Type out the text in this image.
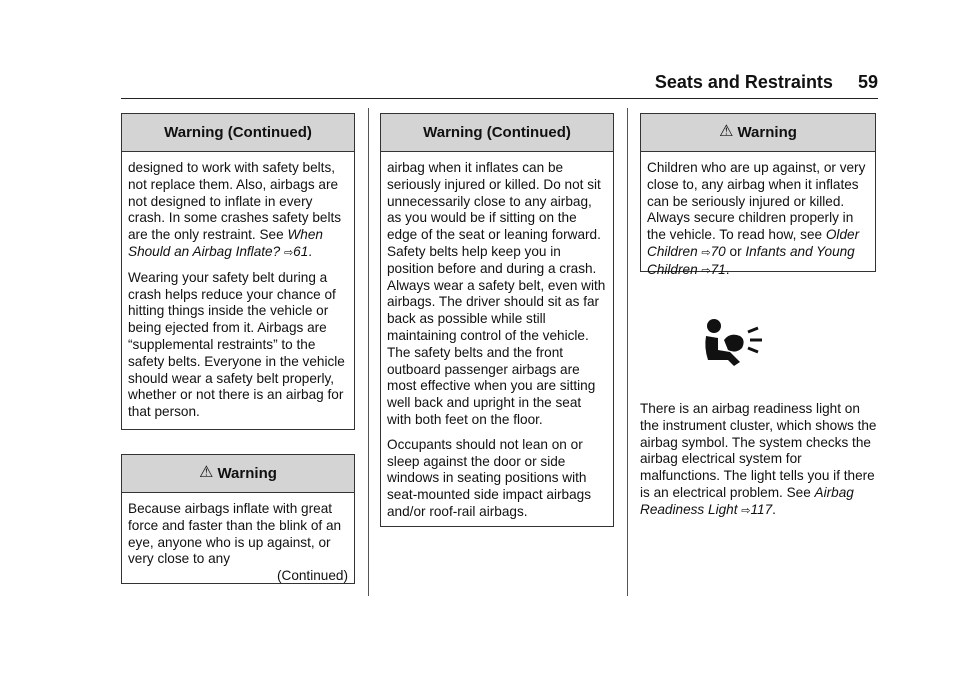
Seats and Restraints 59
Warning (Continued)

designed to work with safety belts, not replace them. Also, airbags are not designed to inflate in every crash. In some crashes safety belts are the only restraint. See When Should an Airbag Inflate? ⇨61.

Wearing your safety belt during a crash helps reduce your chance of hitting things inside the vehicle or being ejected from it. Airbags are “supplemental restraints” to the safety belts. Everyone in the vehicle should wear a safety belt properly, whether or not there is an airbag for that person.

⚠ Warning

Because airbags inflate with great force and faster than the blink of an eye, anyone who is up against, or very close to any

(Continued)

Warning (Continued)

airbag when it inflates can be seriously injured or killed. Do not sit unnecessarily close to any airbag, as you would be if sitting on the edge of the seat or leaning forward. Safety belts help keep you in position before and during a crash. Always wear a safety belt, even with airbags. The driver should sit as far back as possible while still maintaining control of the vehicle. The safety belts and the front outboard passenger airbags are most effective when you are sitting well back and upright in the seat with both feet on the floor.

Occupants should not lean on or sleep against the door or side windows in seating positions with seat-mounted side impact airbags and/or roof-rail airbags.

⚠ Warning

Children who are up against, or very close to, any airbag when it inflates can be seriously injured or killed. Always secure children properly in the vehicle. To read how, see Older Children ⇨70 or Infants and Young Children ⇨71.

There is an airbag readiness light on the instrument cluster, which shows the airbag symbol. The system checks the airbag electrical system for malfunctions. The light tells you if there is an electrical problem. See Airbag Readiness Light ⇨117.
